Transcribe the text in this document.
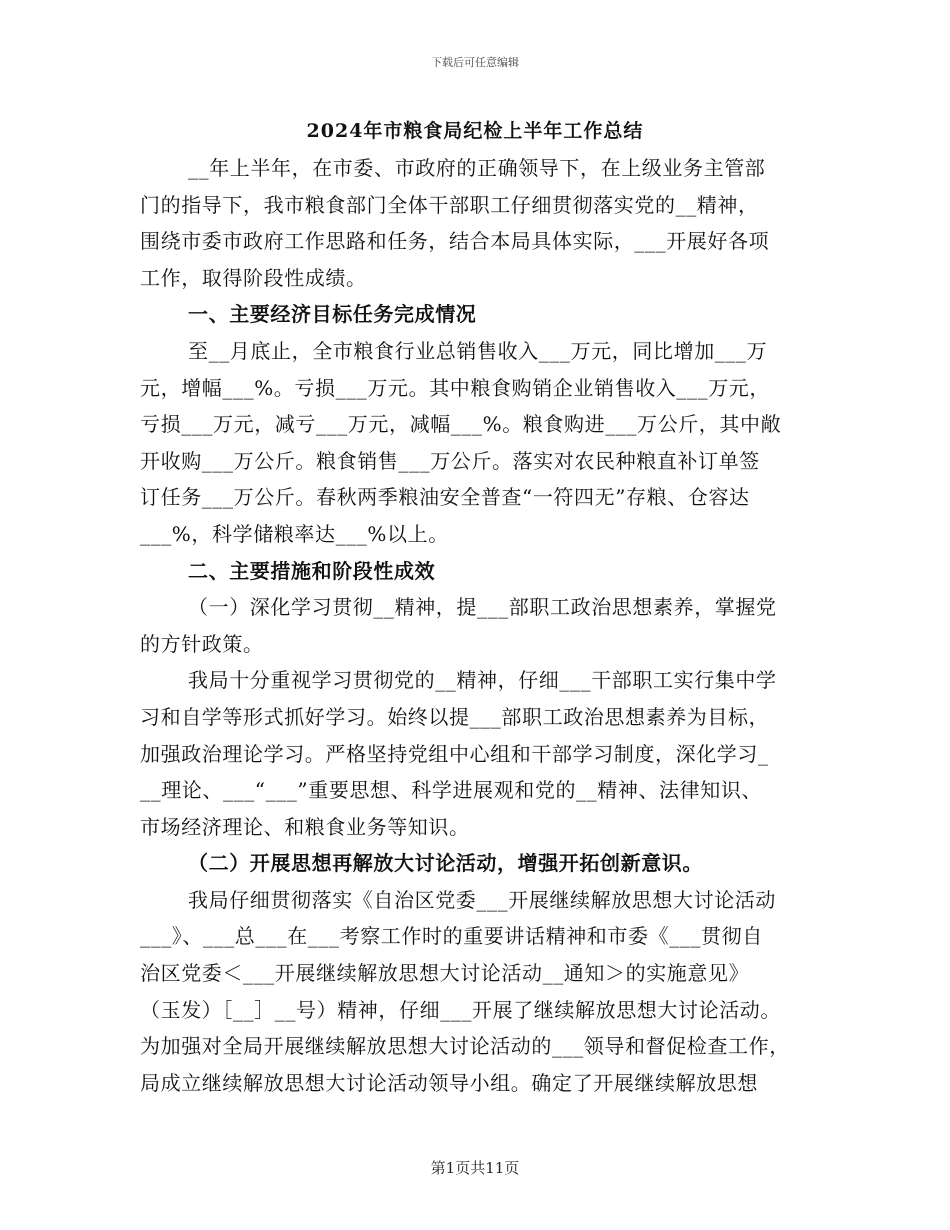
下载后可任意编辑
2024年市粮食局纪检上半年工作总结
__年上半年，在市委、市政府的正确领导下，在上级业务主管部
门的指导下，我市粮食部门全体干部职工仔细贯彻落实党的__精神，
围绕市委市政府工作思路和任务，结合本局具体实际，___开展好各项
工作，取得阶段性成绩。
一、主要经济目标任务完成情况
至__月底止，全市粮食行业总销售收入___万元，同比增加___万
元，增幅___%。亏损___万元。其中粮食购销企业销售收入___万元，
亏损___万元，减亏___万元，减幅___%。粮食购进___万公斤，其中敞
开收购___万公斤。粮食销售___万公斤。落实对农民种粮直补订单签
订任务___万公斤。春秋两季粮油安全普查“一符四无”存粮、仓容达
___%，科学储粮率达___%以上。
二、主要措施和阶段性成效
（一）深化学习贯彻__精神，提___部职工政治思想素养，掌握党
的方针政策。
我局十分重视学习贯彻党的__精神，仔细___干部职工实行集中学
习和自学等形式抓好学习。始终以提___部职工政治思想素养为目标，
加强政治理论学习。严格坚持党组中心组和干部学习制度，深化学习_
__理论、___“___”重要思想、科学进展观和党的__精神、法律知识、
市场经济理论、和粮食业务等知识。
（二）开展思想再解放大讨论活动，增强开拓创新意识。
我局仔细贯彻落实《自治区党委___开展继续解放思想大讨论活动
___》、___总___在___考察工作时的重要讲话精神和市委《___贯彻自
治区党委＜___开展继续解放思想大讨论活动__通知＞的实施意见》
（玉发）［__］__号）精神，仔细___开展了继续解放思想大讨论活动。
为加强对全局开展继续解放思想大讨论活动的___领导和督促检查工作，
局成立继续解放思想大讨论活动领导小组。确定了开展继续解放思想
第1页共11页
